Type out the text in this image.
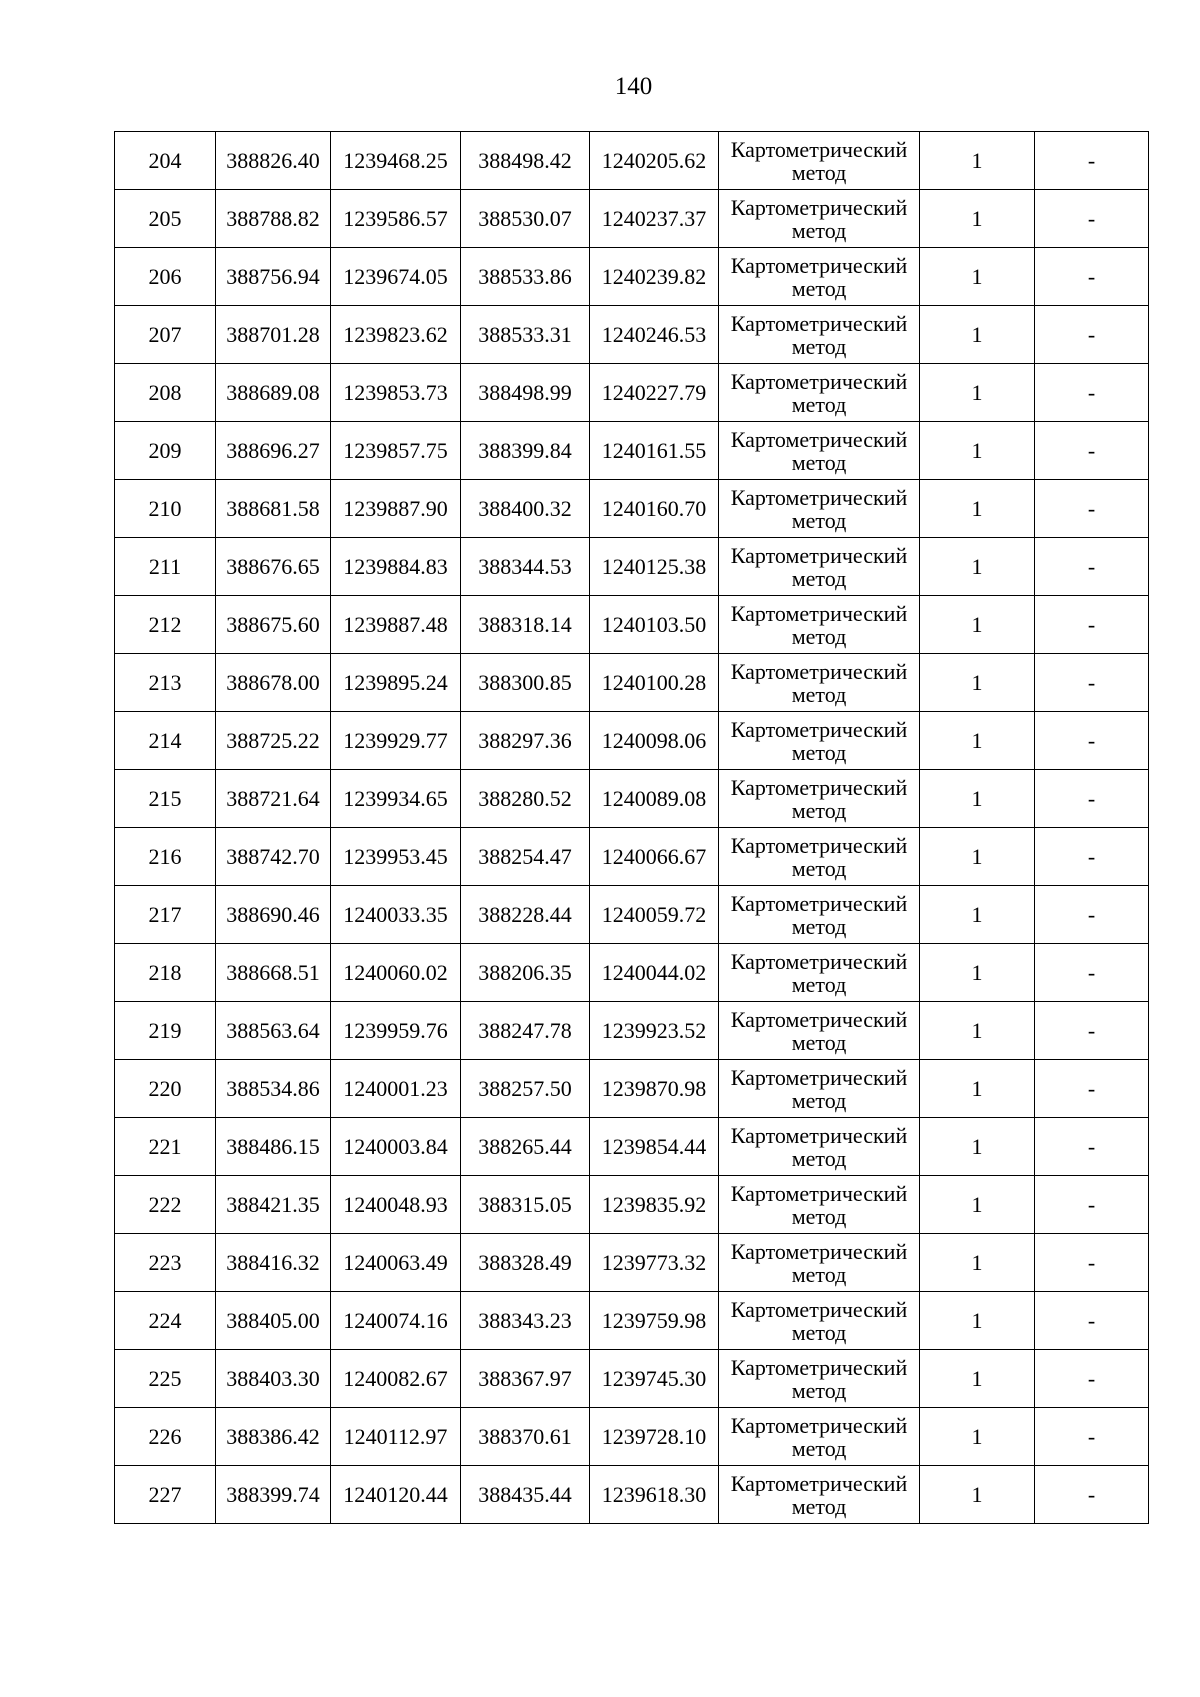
140
204	388826.40	1239468.25	388498.42	1240205.62	Картометрический
метод	1	-
205	388788.82	1239586.57	388530.07	1240237.37	Картометрический
метод	1	-
206	388756.94	1239674.05	388533.86	1240239.82	Картометрический
метод	1	-
207	388701.28	1239823.62	388533.31	1240246.53	Картометрический
метод	1	-
208	388689.08	1239853.73	388498.99	1240227.79	Картометрический
метод	1	-
209	388696.27	1239857.75	388399.84	1240161.55	Картометрический
метод	1	-
210	388681.58	1239887.90	388400.32	1240160.70	Картометрический
метод	1	-
211	388676.65	1239884.83	388344.53	1240125.38	Картометрический
метод	1	-
212	388675.60	1239887.48	388318.14	1240103.50	Картометрический
метод	1	-
213	388678.00	1239895.24	388300.85	1240100.28	Картометрический
метод	1	-
214	388725.22	1239929.77	388297.36	1240098.06	Картометрический
метод	1	-
215	388721.64	1239934.65	388280.52	1240089.08	Картометрический
метод	1	-
216	388742.70	1239953.45	388254.47	1240066.67	Картометрический
метод	1	-
217	388690.46	1240033.35	388228.44	1240059.72	Картометрический
метод	1	-
218	388668.51	1240060.02	388206.35	1240044.02	Картометрический
метод	1	-
219	388563.64	1239959.76	388247.78	1239923.52	Картометрический
метод	1	-
220	388534.86	1240001.23	388257.50	1239870.98	Картометрический
метод	1	-
221	388486.15	1240003.84	388265.44	1239854.44	Картометрический
метод	1	-
222	388421.35	1240048.93	388315.05	1239835.92	Картометрический
метод	1	-
223	388416.32	1240063.49	388328.49	1239773.32	Картометрический
метод	1	-
224	388405.00	1240074.16	388343.23	1239759.98	Картометрический
метод	1	-
225	388403.30	1240082.67	388367.97	1239745.30	Картометрический
метод	1	-
226	388386.42	1240112.97	388370.61	1239728.10	Картометрический
метод	1	-
227	388399.74	1240120.44	388435.44	1239618.30	Картометрический
метод	1	-
